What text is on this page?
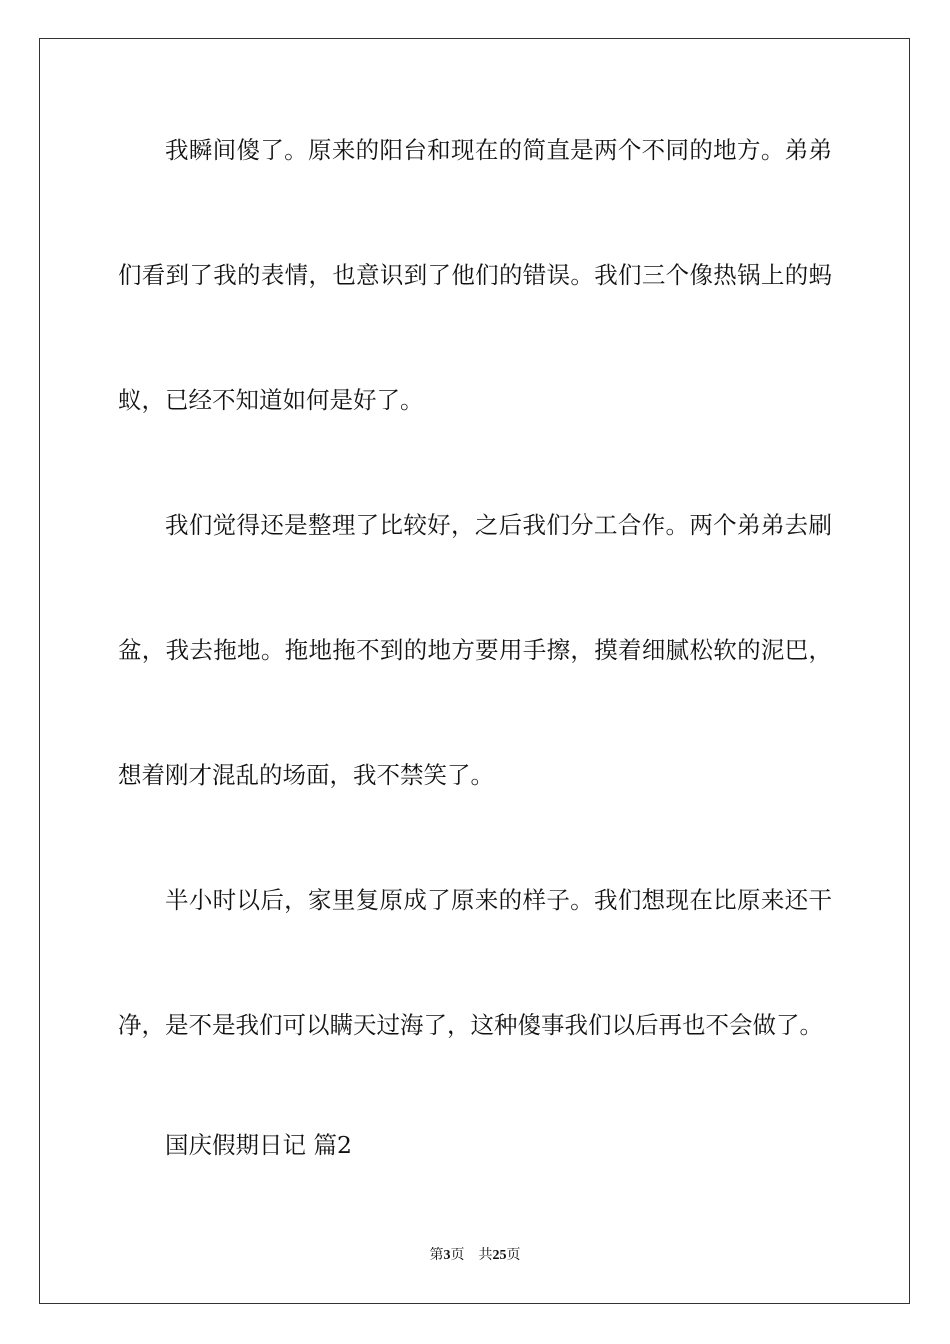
我瞬间傻了。原来的阳台和现在的简直是两个不同的地方。弟弟
们看到了我的表情，也意识到了他们的错误。我们三个像热锅上的蚂
蚁，已经不知道如何是好了。
我们觉得还是整理了比较好，之后我们分工合作。两个弟弟去刷
盆，我去拖地。拖地拖不到的地方要用手擦，摸着细腻松软的泥巴，
想着刚才混乱的场面，我不禁笑了。
半小时以后，家里复原成了原来的样子。我们想现在比原来还干
净，是不是我们可以瞒天过海了，这种傻事我们以后再也不会做了。
国庆假期日记 篇2
第3页 共25页
